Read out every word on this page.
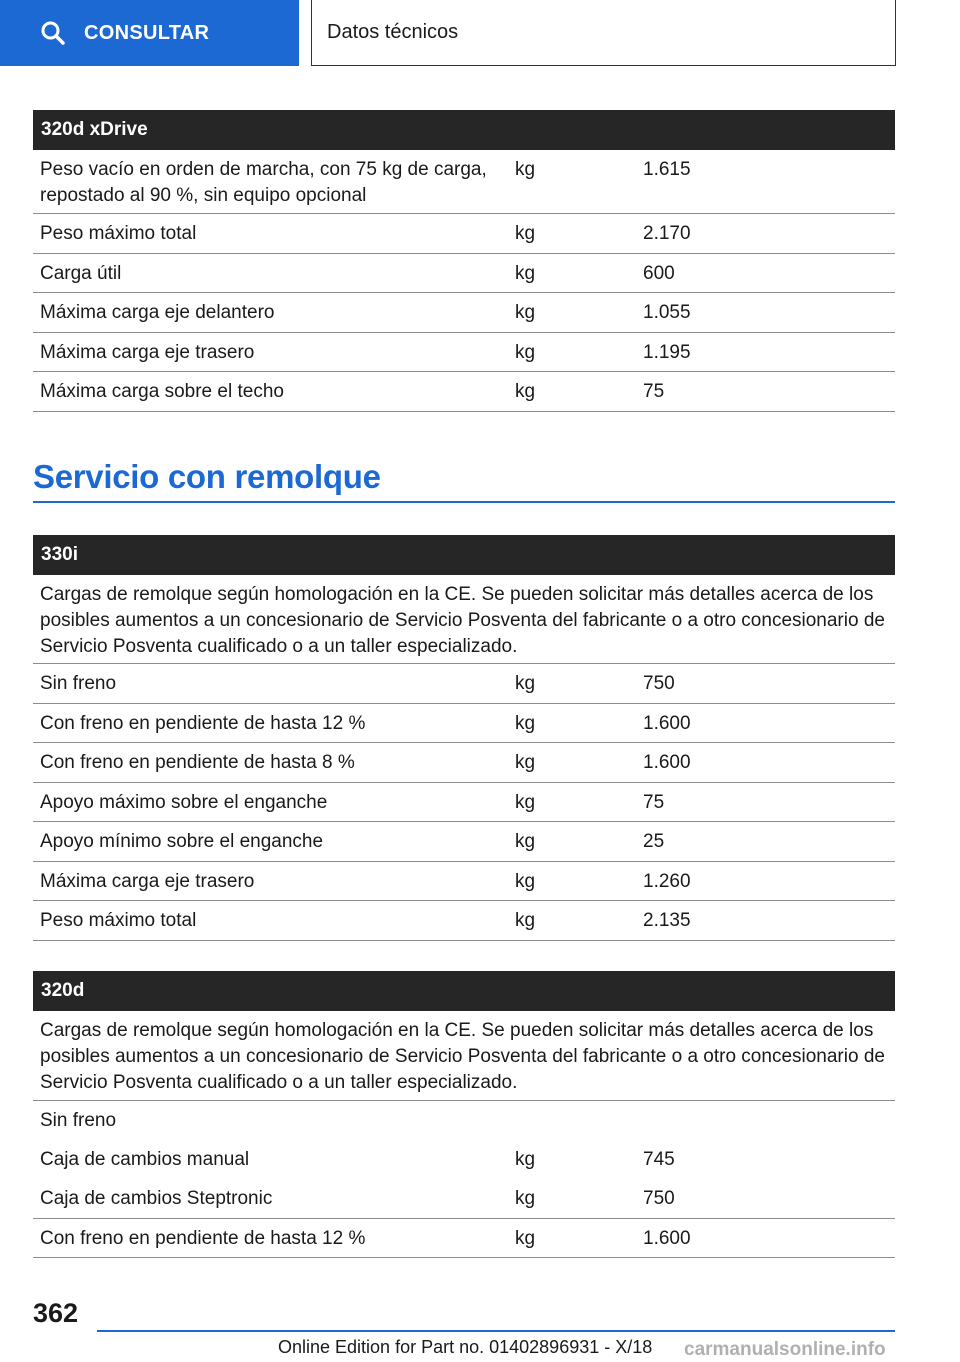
CONSULTAR	Datos técnicos
320d xDrive
Peso vacío en orden de marcha, con 75 kg de carga, repostado al 90 %, sin equipo opcional
kg	1.615
Peso máximo total	kg	2.170
Carga útil	kg	600
Máxima carga eje delantero	kg	1.055
Máxima carga eje trasero	kg	1.195
Máxima carga sobre el techo	kg	75
Servicio con remolque
330i
Cargas de remolque según homologación en la CE. Se pueden solicitar más detalles acerca de los posibles aumentos a un concesionario de Servicio Posventa del fabricante o a otro concesionario de Servicio Posventa cualificado o a un taller especializado.
Sin freno	kg	750
Con freno en pendiente de hasta 12 %	kg	1.600
Con freno en pendiente de hasta 8 %	kg	1.600
Apoyo máximo sobre el enganche	kg	75
Apoyo mínimo sobre el enganche	kg	25
Máxima carga eje trasero	kg	1.260
Peso máximo total	kg	2.135
320d
Cargas de remolque según homologación en la CE. Se pueden solicitar más detalles acerca de los posibles aumentos a un concesionario de Servicio Posventa del fabricante o a otro concesionario de Servicio Posventa cualificado o a un taller especializado.
Sin freno
Caja de cambios manual	kg	745
Caja de cambios Steptronic	kg	750
Con freno en pendiente de hasta 12 %	kg	1.600
362
Online Edition for Part no. 01402896931 - X/18 carmanualsonline.info
